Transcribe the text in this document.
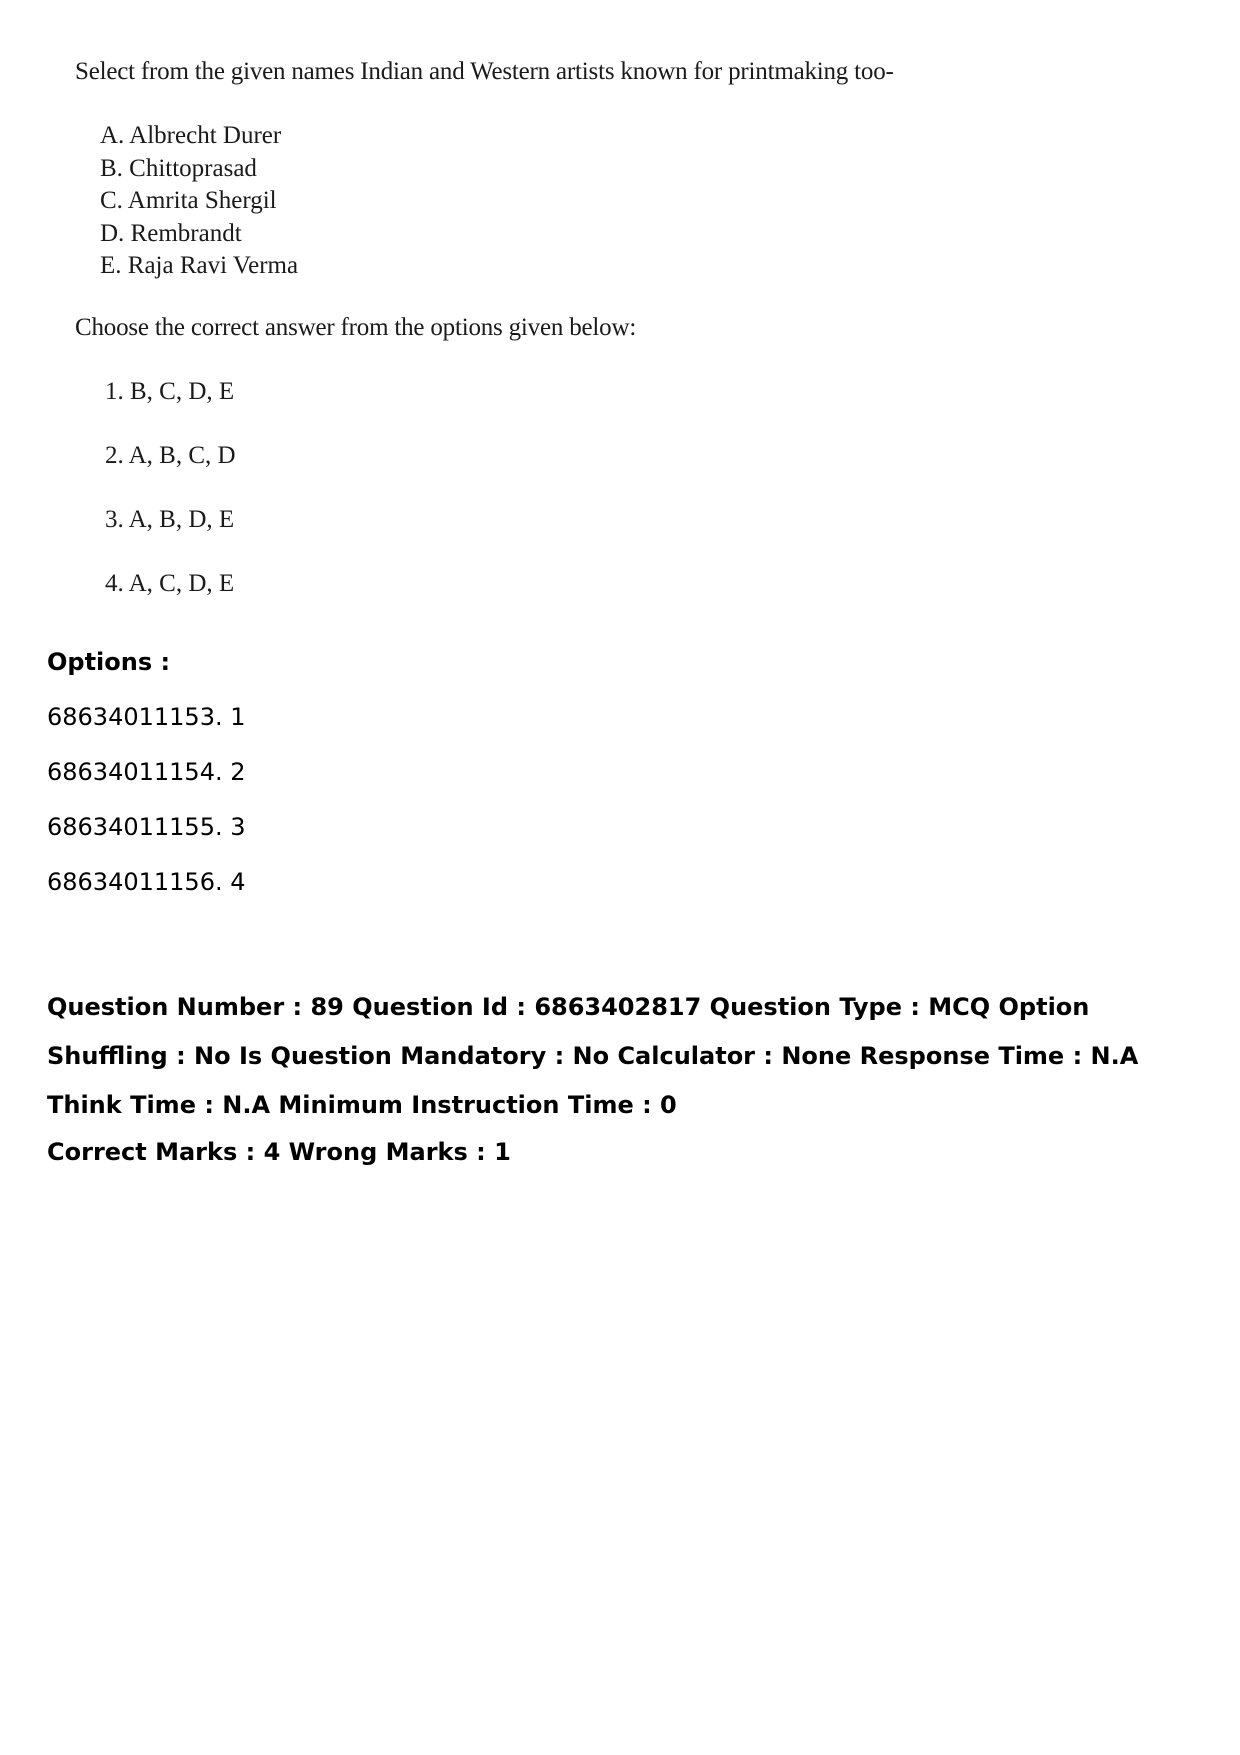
Select from the given names Indian and Western artists known for printmaking too-
A. Albrecht Durer
B. Chittoprasad
C. Amrita Shergil
D. Rembrandt
E. Raja Ravi Verma
Choose the correct answer from the options given below:
1. B, C, D, E
2. A, B, C, D
3. A, B, D, E
4. A, C, D, E
Options :
68634011153. 1
68634011154. 2
68634011155. 3
68634011156. 4
Question Number : 89 Question Id : 6863402817 Question Type : MCQ Option Shuffling : No Is Question Mandatory : No Calculator : None Response Time : N.A Think Time : N.A Minimum Instruction Time : 0
Correct Marks : 4 Wrong Marks : 1
